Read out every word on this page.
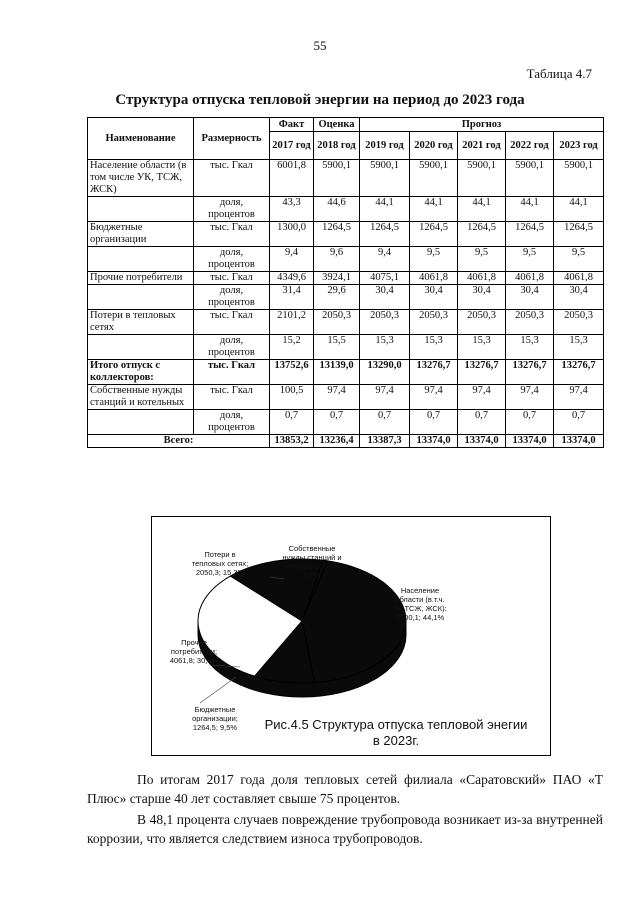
55
Таблица 4.7
Структура отпуска тепловой энергии на период до 2023 года
Наименование	Размерность	Факт	Оценка	Прогноз				
		2017 год	2018 год	2019 год	2020 год	2021 год	2022 год	2023 год
Население области (в том числе УК, ТСЖ, ЖСК)	тыс. Гкал	6001,8	5900,1	5900,1	5900,1	5900,1	5900,1	5900,1
	доля, процентов	43,3	44,6	44,1	44,1	44,1	44,1	44,1
Бюджетные организации	тыс. Гкал	1300,0	1264,5	1264,5	1264,5	1264,5	1264,5	1264,5
	доля, процентов	9,4	9,6	9,4	9,5	9,5	9,5	9,5
Прочие потребители	тыс. Гкал	4349,6	3924,1	4075,1	4061,8	4061,8	4061,8	4061,8
	доля, процентов	31,4	29,6	30,4	30,4	30,4	30,4	30,4
Потери в тепловых сетях	тыс. Гкал	2101,2	2050,3	2050,3	2050,3	2050,3	2050,3	2050,3
	доля, процентов	15,2	15,5	15,3	15,3	15,3	15,3	15,3
Итого отпуск с коллекторов:	тыс. Гкал	13752,6	13139,0	13290,0	13276,7	13276,7	13276,7	13276,7
Собственные нужды станций и котельных	тыс. Гкал	100,5	97,4	97,4	97,4	97,4	97,4	97,4
	доля, процентов	0,7	0,7	0,7	0,7	0,7	0,7	0,7
Всего:		13853,2	13236,4	13387,3	13374,0	13374,0	13374,0	13374,0
Население
области (в.т.ч.
УК,ТСЖ, ЖСК):
5900,1; 44,1%
Бюджетные
организации;
1264,5; 9,5%
Прочие
потребители;
4061,8; 30,4%
Потери в
тепловых сетях;
2050,3; 15,3%
Собственные
нужды станций и
котельных; 97,4;
0,7%
Рис.4.5 Структура отпуска тепловой энегии
в 2023г.
По итогам 2017 года доля тепловых сетей филиала «Саратовский» ПАО «Т Плюс» старше 40 лет составляет свыше 75 процентов.
В 48,1 процента случаев повреждение трубопровода возникает из-за внутренней коррозии, что является следствием износа трубопроводов.
